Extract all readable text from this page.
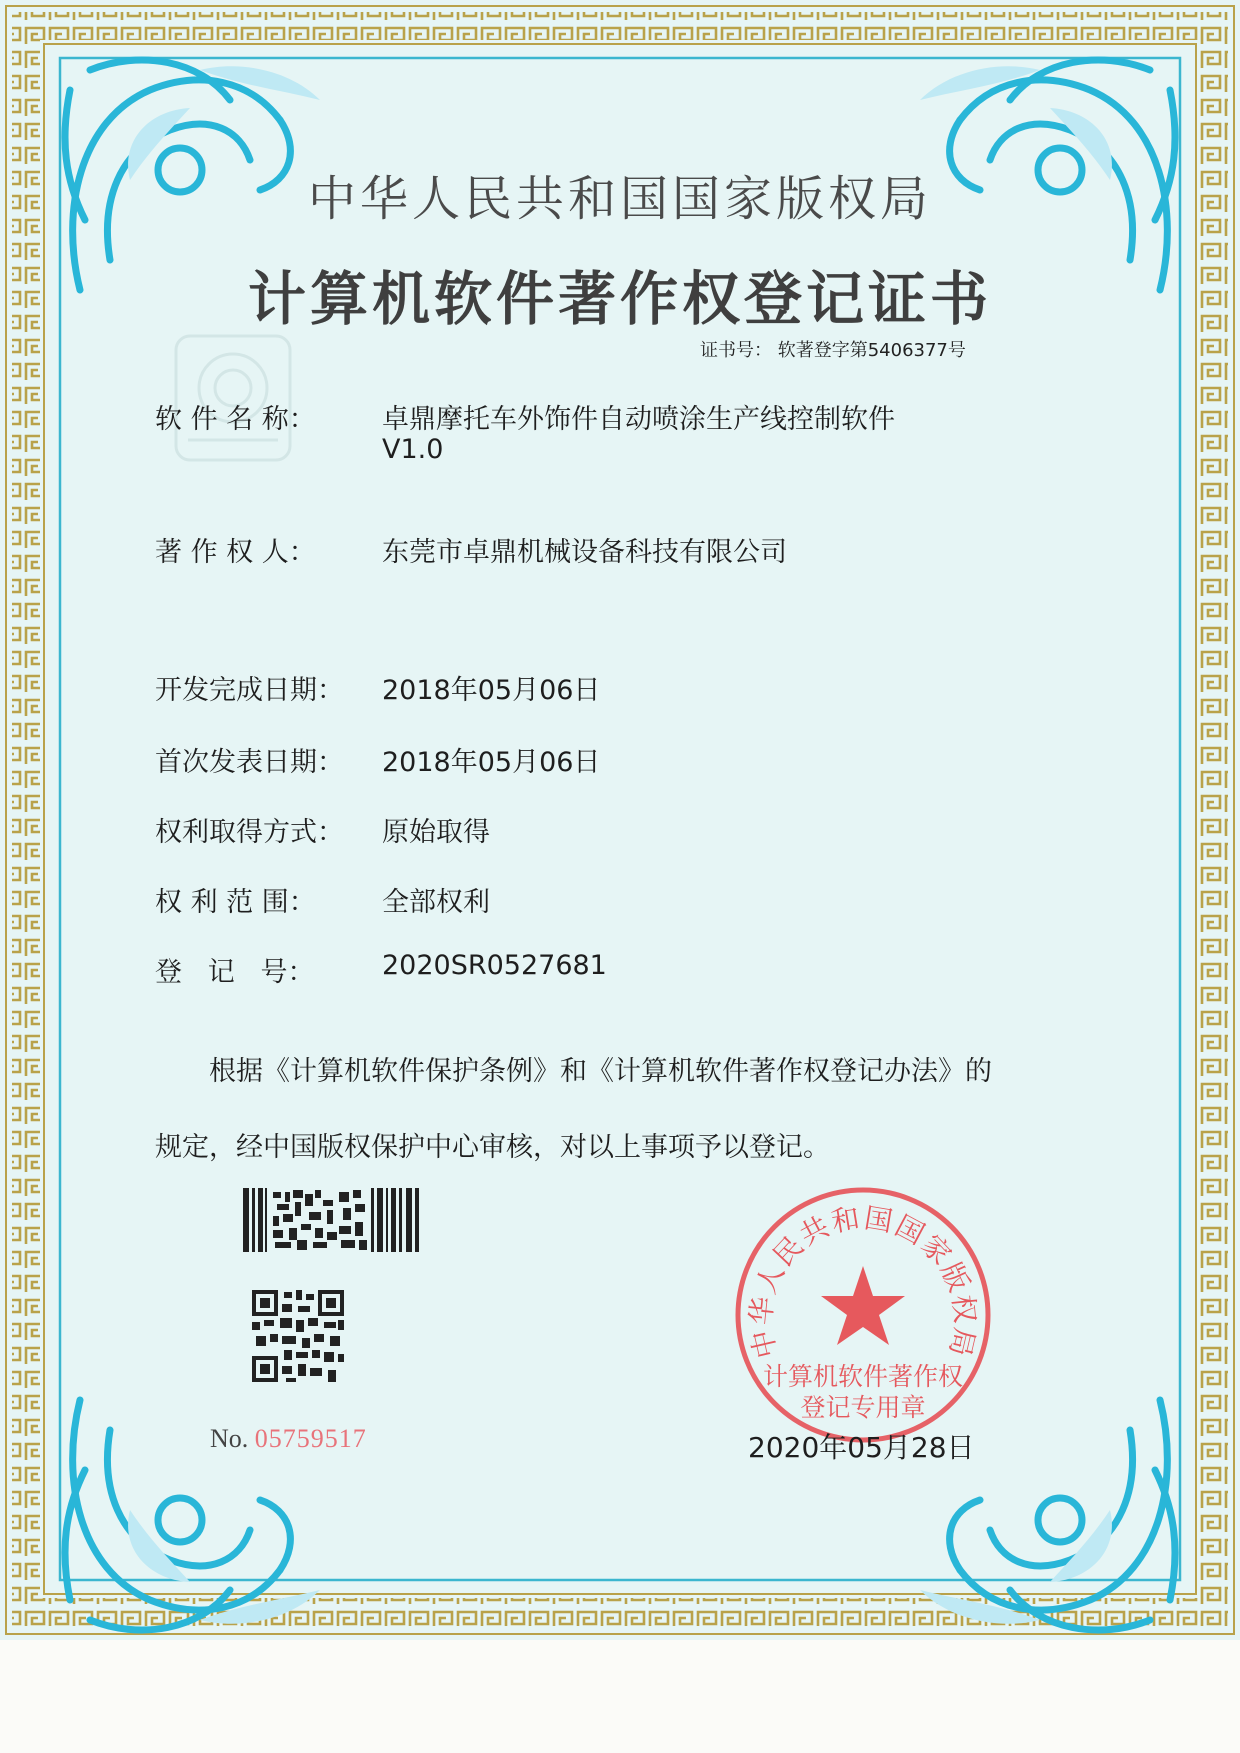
中华人民共和国国家版权局
计算机软件著作权登记证书
证书号： 软著登字第5406377号
软 件 名 称： 卓鼎摩托车外饰件自动喷涂生产线控制软件
V1.0
著 作 权 人： 东莞市卓鼎机械设备科技有限公司
开发完成日期： 2018年05月06日
首次发表日期： 2018年05月06日
权利取得方式： 原始取得
权 利 范 围： 全部权利
登   记   号：	2020SR0527681
根据《计算机软件保护条例》和《计算机软件著作权登记办法》的
规定，经中国版权保护中心审核，对以上事项予以登记。
No. 05759517
中华人民共和国国家版权局
计算机软件著作权
登记专用章
2020年05月28日
